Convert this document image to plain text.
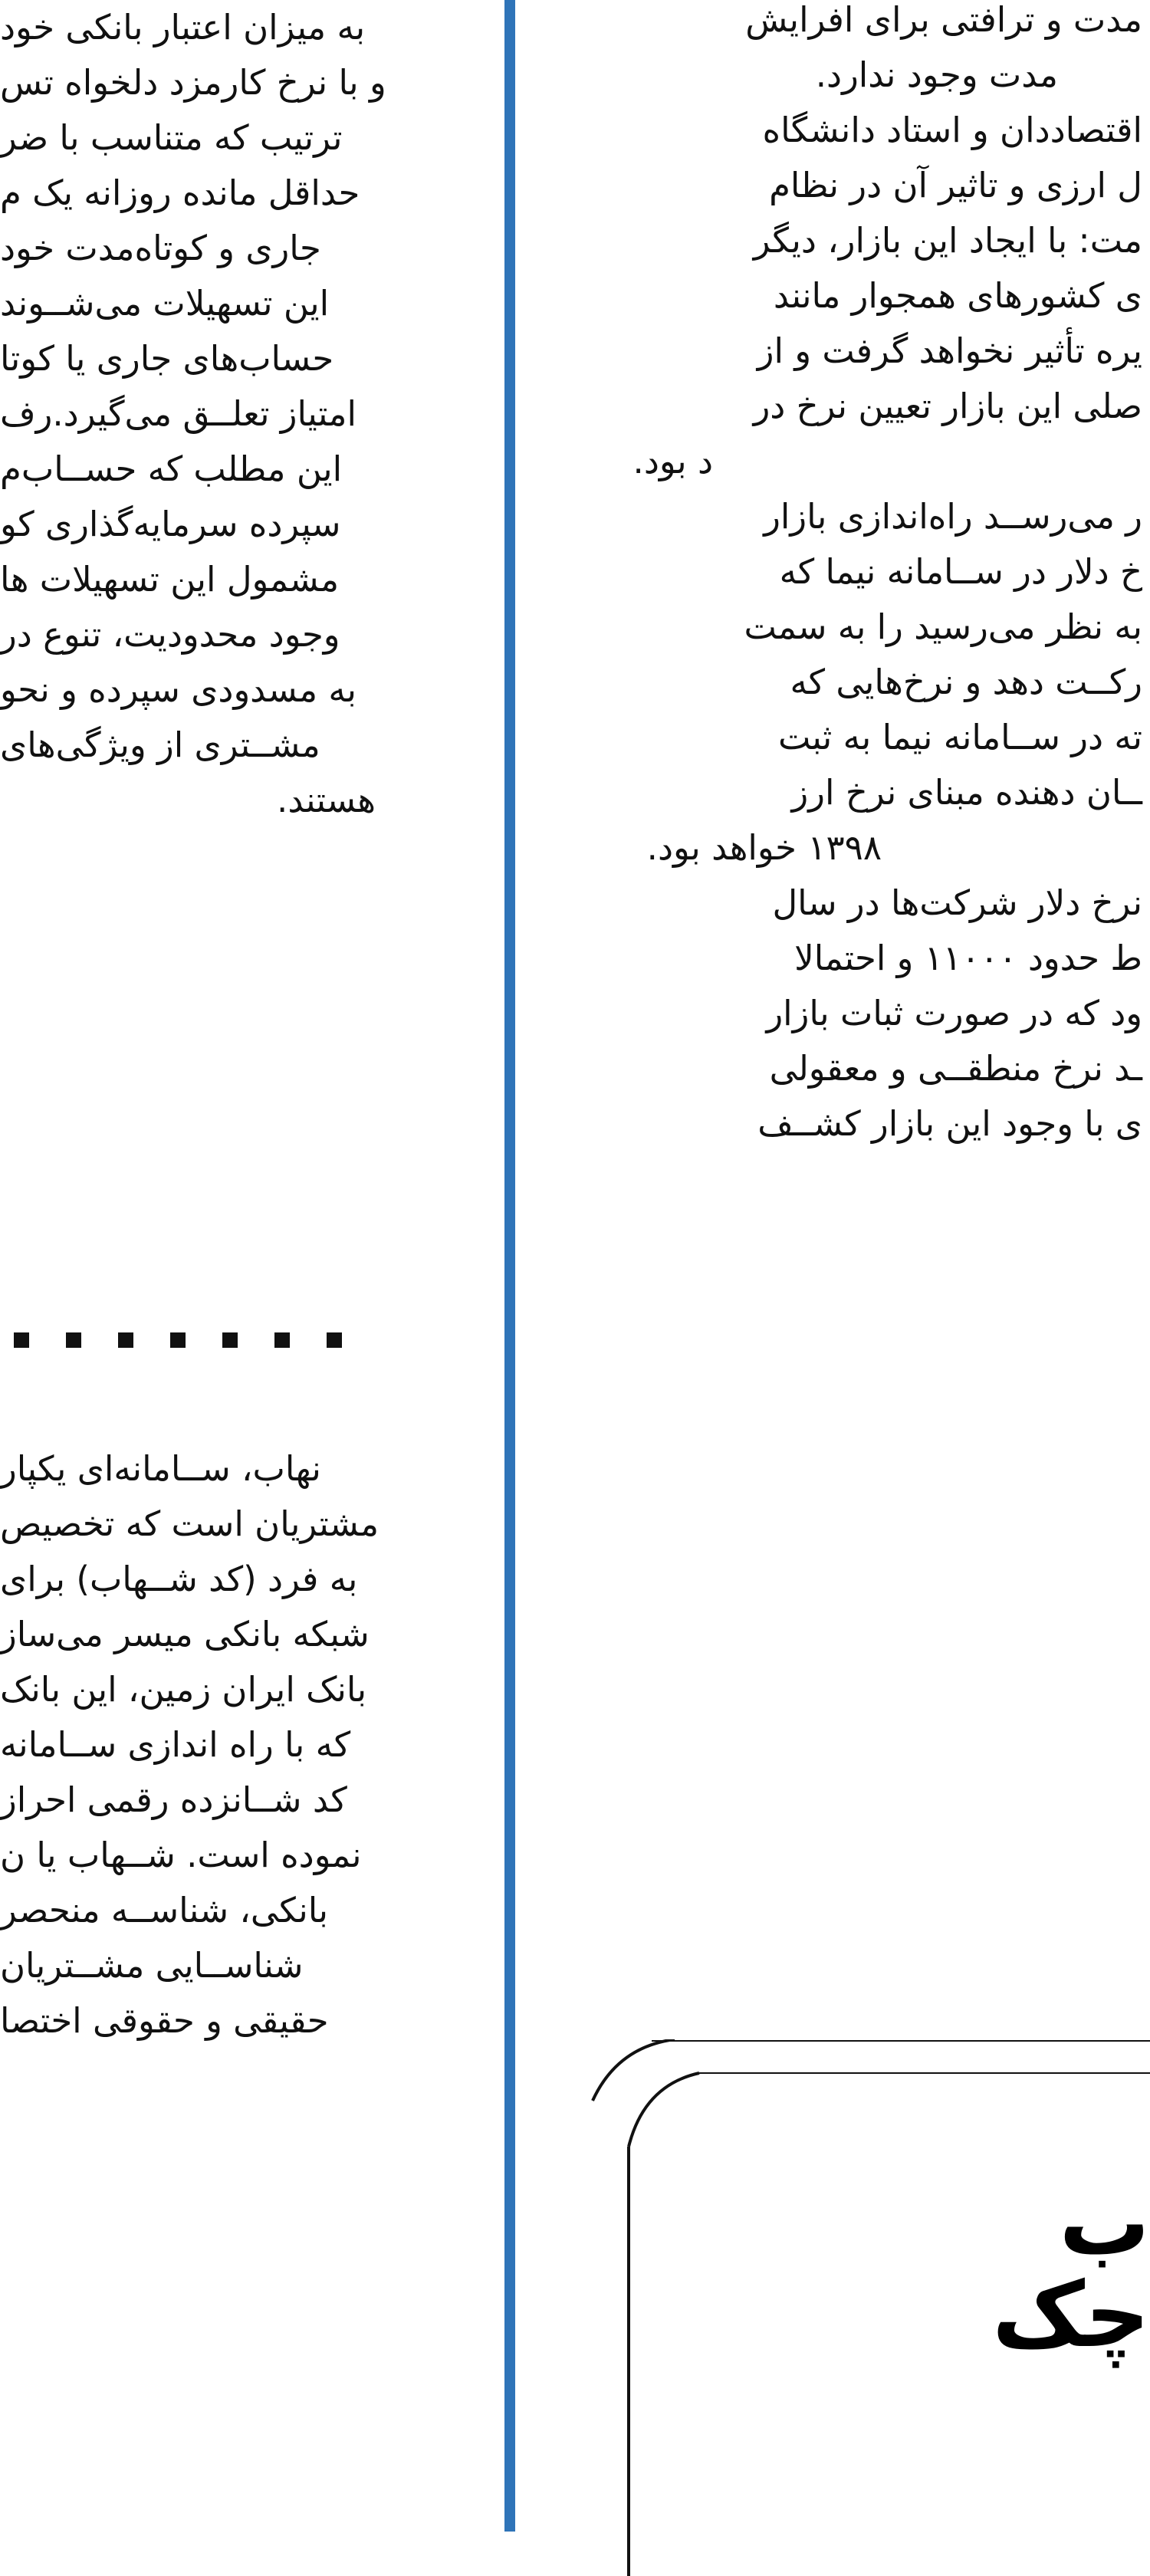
به میزان اعتبار بانکی خود
و با نرخ کارمزد دلخواه تس
ترتیب که متناسب با ضر
حداقل مانده روزانه یک م
جاری و کوتاه‌مدت خود
این تسهیلات می‌شــوند
حساب‌های جاری یا کوتا
امتیاز تعلــق می‌گیرد.رف
این مطلب که حســاب‌م
سپرده سرمایه‌گذاری کو
مشمول این تسهیلات ها
وجود محدودیت، تنوع در
به مسدودی سپرده و نحو
مشــتری از ویژگی‌های
هستند.
نهاب، ســامانه‌ای یکپار
مشتریان است که تخصیص
به فرد (کد شــهاب) برای
شبکه بانکی میسر می‌ساز
بانک ایران زمین، این بانک
که با راه اندازی ســامانه
کد شــانزده رقمی احراز
نموده است. شــهاب یا ن
بانکی، شناســه منحصر
شناســایی مشــتریان
حقیقی و حقوقی اختصا
مدت و ترافتی برای افرایش
مدت وجود ندارد.
اقتصاددان و استاد دانشگاه
ل ارزی و تاثیر آن در نظام
مت: با ایجاد این بازار، دیگر
ی کشورهای همجوار مانند
یره تأثیر نخواهد گرفت و از
صلی این بازار تعیین نرخ در
د بود.
ر می‌رســد راه‌اندازی بازار
خ دلار در ســامانه نیما که
به نظر می‌رسید را به سمت
رکــت دهد و نرخ‌هایی که
ته در ســامانه نیما به ثبت
ــان دهنده مبنای نرخ ارز
۱۳۹۸ خواهد بود.
نرخ دلار شرکت‌ها در سال
ط حدود ۱۱۰۰۰ و احتمالا
ود که در صورت ثبات بازار
ـد نرخ منطقــی و معقولی
ی با وجود این بازار کشــف
ب
چک
